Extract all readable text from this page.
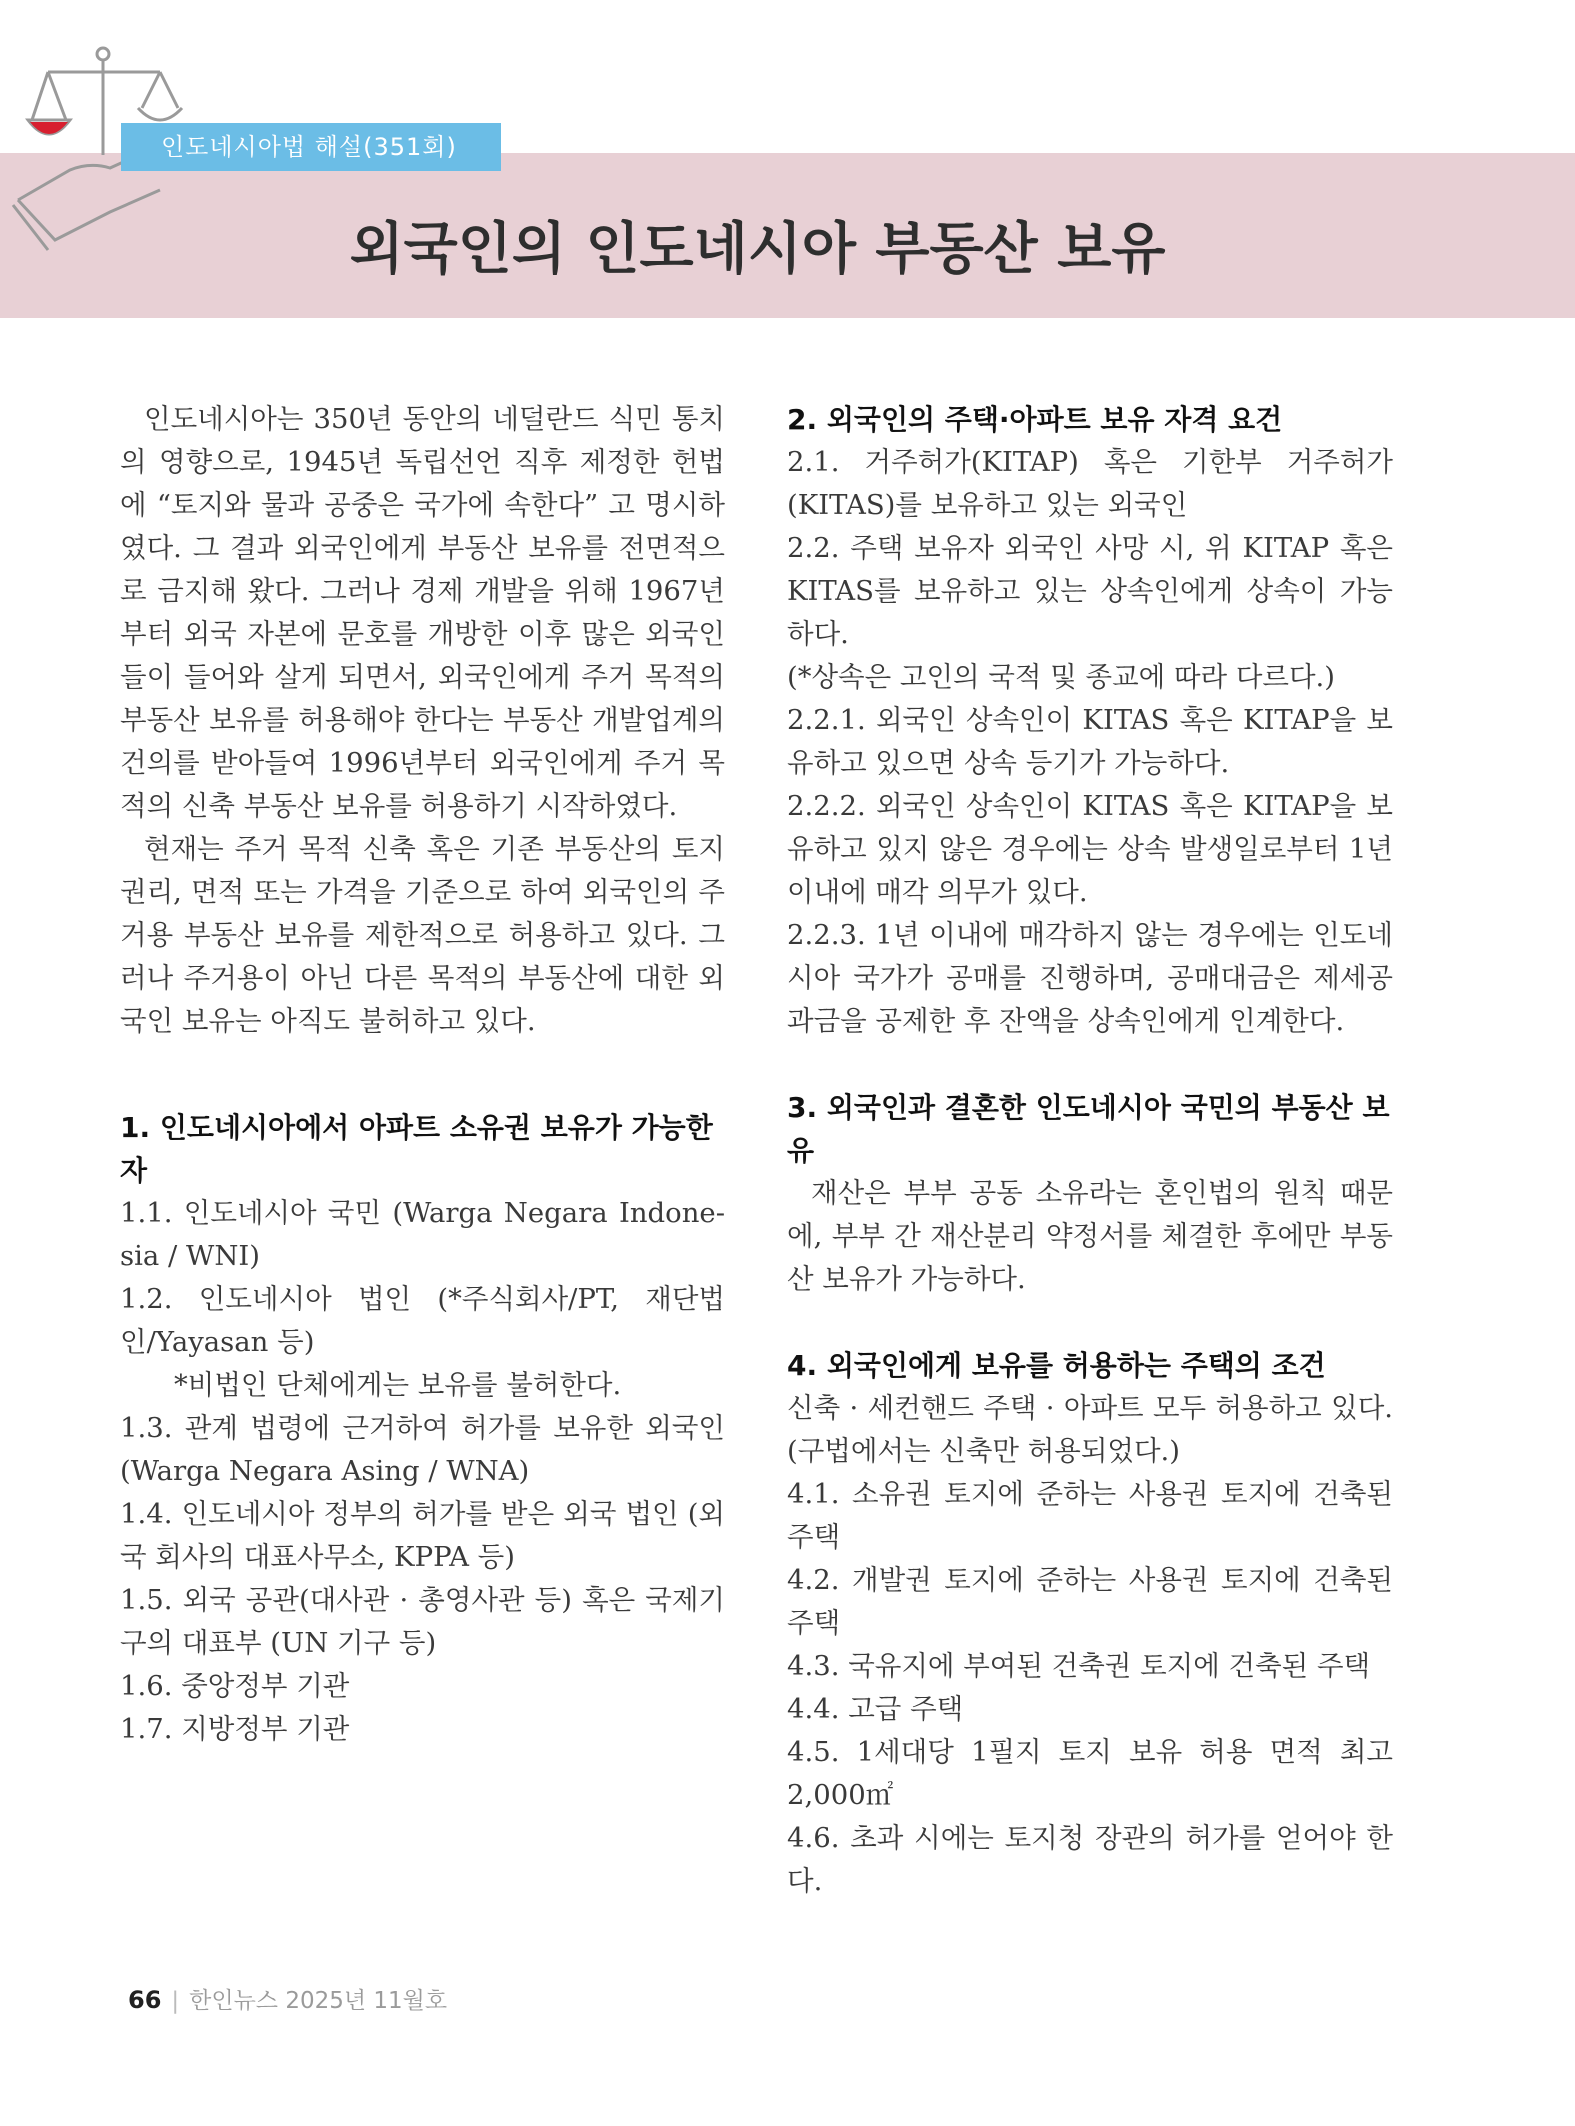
인도네시아법 해설(351회)
외국인의 인도네시아 부동산 보유

인도네시아는 350년 동안의 네덜란드 식민 통치의 영향으로, 1945년 독립선언 직후 제정한 헌법에 “토지와 물과 공중은 국가에 속한다” 고 명시하였다. 그 결과 외국인에게 부동산 보유를 전면적으로 금지해 왔다. 그러나 경제 개발을 위해 1967년부터 외국 자본에 문호를 개방한 이후 많은 외국인들이 들어와 살게 되면서, 외국인에게 주거 목적의 부동산 보유를 허용해야 한다는 부동산 개발업계의 건의를 받아들여 1996년부터 외국인에게 주거 목적의 신축 부동산 보유를 허용하기 시작하였다.

현재는 주거 목적 신축 혹은 기존 부동산의 토지 권리, 면적 또는 가격을 기준으로 하여 외국인의 주거용 부동산 보유를 제한적으로 허용하고 있다. 그러나 주거용이 아닌 다른 목적의 부동산에 대한 외국인 보유는 아직도 불허하고 있다.

1. 인도네시아에서 아파트 소유권 보유가 가능한 자

1.1. 인도네시아 국민 (Warga Negara Indone-sia / WNI)

1.2. 인도네시아 법인 (*주식회사/PT, 재단법인/Yayasan 등)

*비법인 단체에게는 보유를 불허한다.

1.3. 관계 법령에 근거하여 허가를 보유한 외국인 (Warga Negara Asing / WNA)

1.4. 인도네시아 정부의 허가를 받은 외국 법인 (외국 회사의 대표사무소, KPPA 등)

1.5. 외국 공관(대사관 · 총영사관 등) 혹은 국제기구의 대표부 (UN 기구 등)

1.6. 중앙정부 기관

1.7. 지방정부 기관

2. 외국인의 주택·아파트 보유 자격 요건

2.1. 거주허가(KITAP) 혹은 기한부 거주허가(KITAS)를 보유하고 있는 외국인

2.2. 주택 보유자 외국인 사망 시, 위 KITAP 혹은 KITAS를 보유하고 있는 상속인에게 상속이 가능하다.

(*상속은 고인의 국적 및 종교에 따라 다르다.)

2.2.1. 외국인 상속인이 KITAS 혹은 KITAP을 보유하고 있으면 상속 등기가 가능하다.

2.2.2. 외국인 상속인이 KITAS 혹은 KITAP을 보유하고 있지 않은 경우에는 상속 발생일로부터 1년 이내에 매각 의무가 있다.

2.2.3. 1년 이내에 매각하지 않는 경우에는 인도네시아 국가가 공매를 진행하며, 공매대금은 제세공과금을 공제한 후 잔액을 상속인에게 인계한다.

3. 외국인과 결혼한 인도네시아 국민의 부동산 보유

재산은 부부 공동 소유라는 혼인법의 원칙 때문에, 부부 간 재산분리 약정서를 체결한 후에만 부동산 보유가 가능하다.

4. 외국인에게 보유를 허용하는 주택의 조건

신축 · 세컨핸드 주택 · 아파트 모두 허용하고 있다. (구법에서는 신축만 허용되었다.)

4.1. 소유권 토지에 준하는 사용권 토지에 건축된 주택

4.2. 개발권 토지에 준하는 사용권 토지에 건축된 주택

4.3. 국유지에 부여된 건축권 토지에 건축된 주택

4.4. 고급 주택

4.5. 1세대당 1필지 토지 보유 허용 면적 최고 2,000㎡

4.6. 초과 시에는 토지청 장관의 허가를 얻어야 한다.

66 | 한인뉴스 2025년 11월호
